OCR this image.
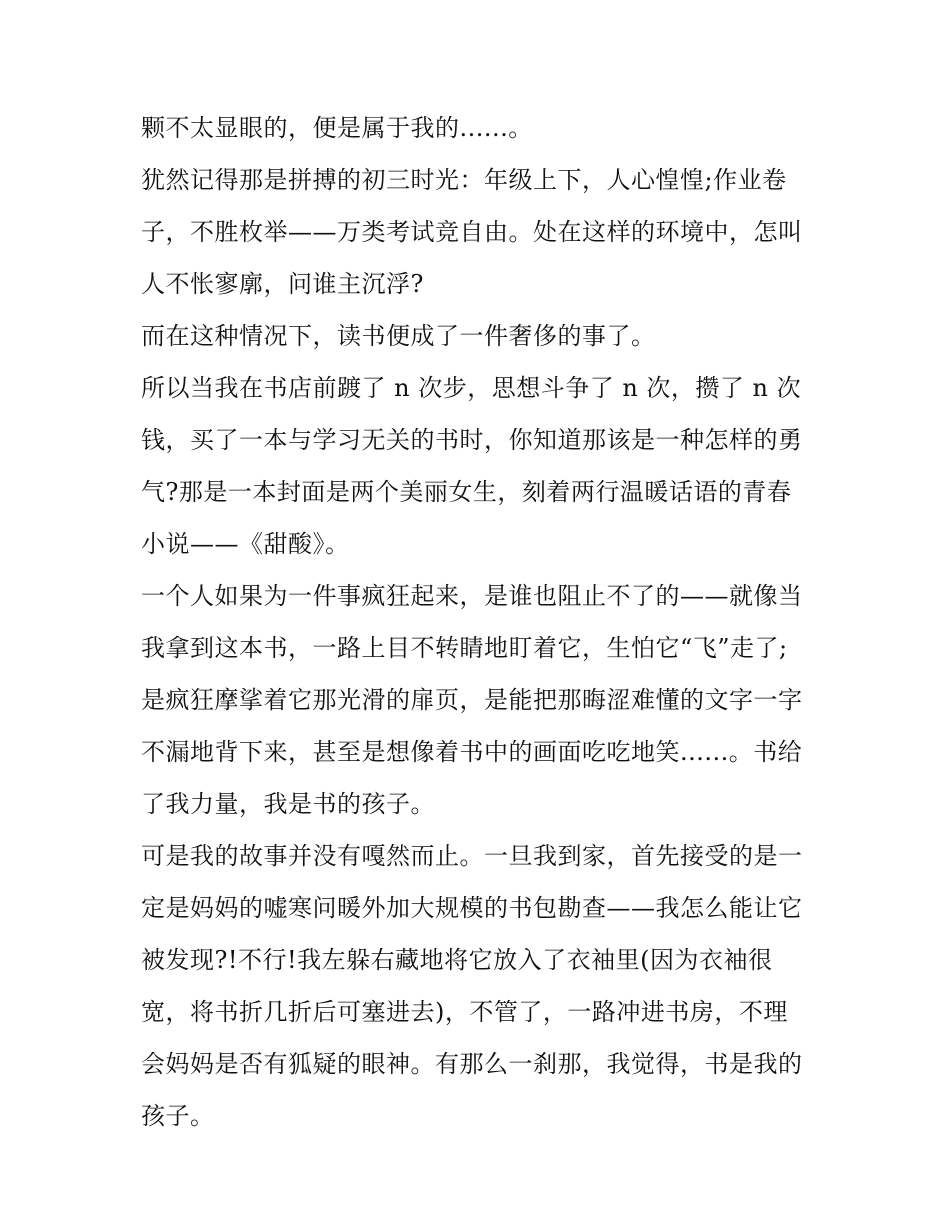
颗不太显眼的，便是属于我的......。
犹然记得那是拼搏的初三时光：年级上下，人心惶惶;作业卷
子，不胜枚举——万类考试竞自由。处在这样的环境中，怎叫
人不怅寥廓，问谁主沉浮?
而在这种情况下，读书便成了一件奢侈的事了。
所以当我在书店前踱了 n 次步，思想斗争了 n 次，攒了 n 次
钱，买了一本与学习无关的书时，你知道那该是一种怎样的勇
气?那是一本封面是两个美丽女生，刻着两行温暖话语的青春
小说——《甜酸》。
一个人如果为一件事疯狂起来，是谁也阻止不了的——就像当
我拿到这本书，一路上目不转睛地盯着它，生怕它“飞”走了;
是疯狂摩挲着它那光滑的扉页，是能把那晦涩难懂的文字一字
不漏地背下来，甚至是想像着书中的画面吃吃地笑......。书给
了我力量，我是书的孩子。
可是我的故事并没有嘎然而止。一旦我到家，首先接受的是一
定是妈妈的嘘寒问暖外加大规模的书包勘查——我怎么能让它
被发现?!不行!我左躲右藏地将它放入了衣袖里(因为衣袖很
宽，将书折几折后可塞进去)，不管了，一路冲进书房，不理
会妈妈是否有狐疑的眼神。有那么一刹那，我觉得，书是我的
孩子。
